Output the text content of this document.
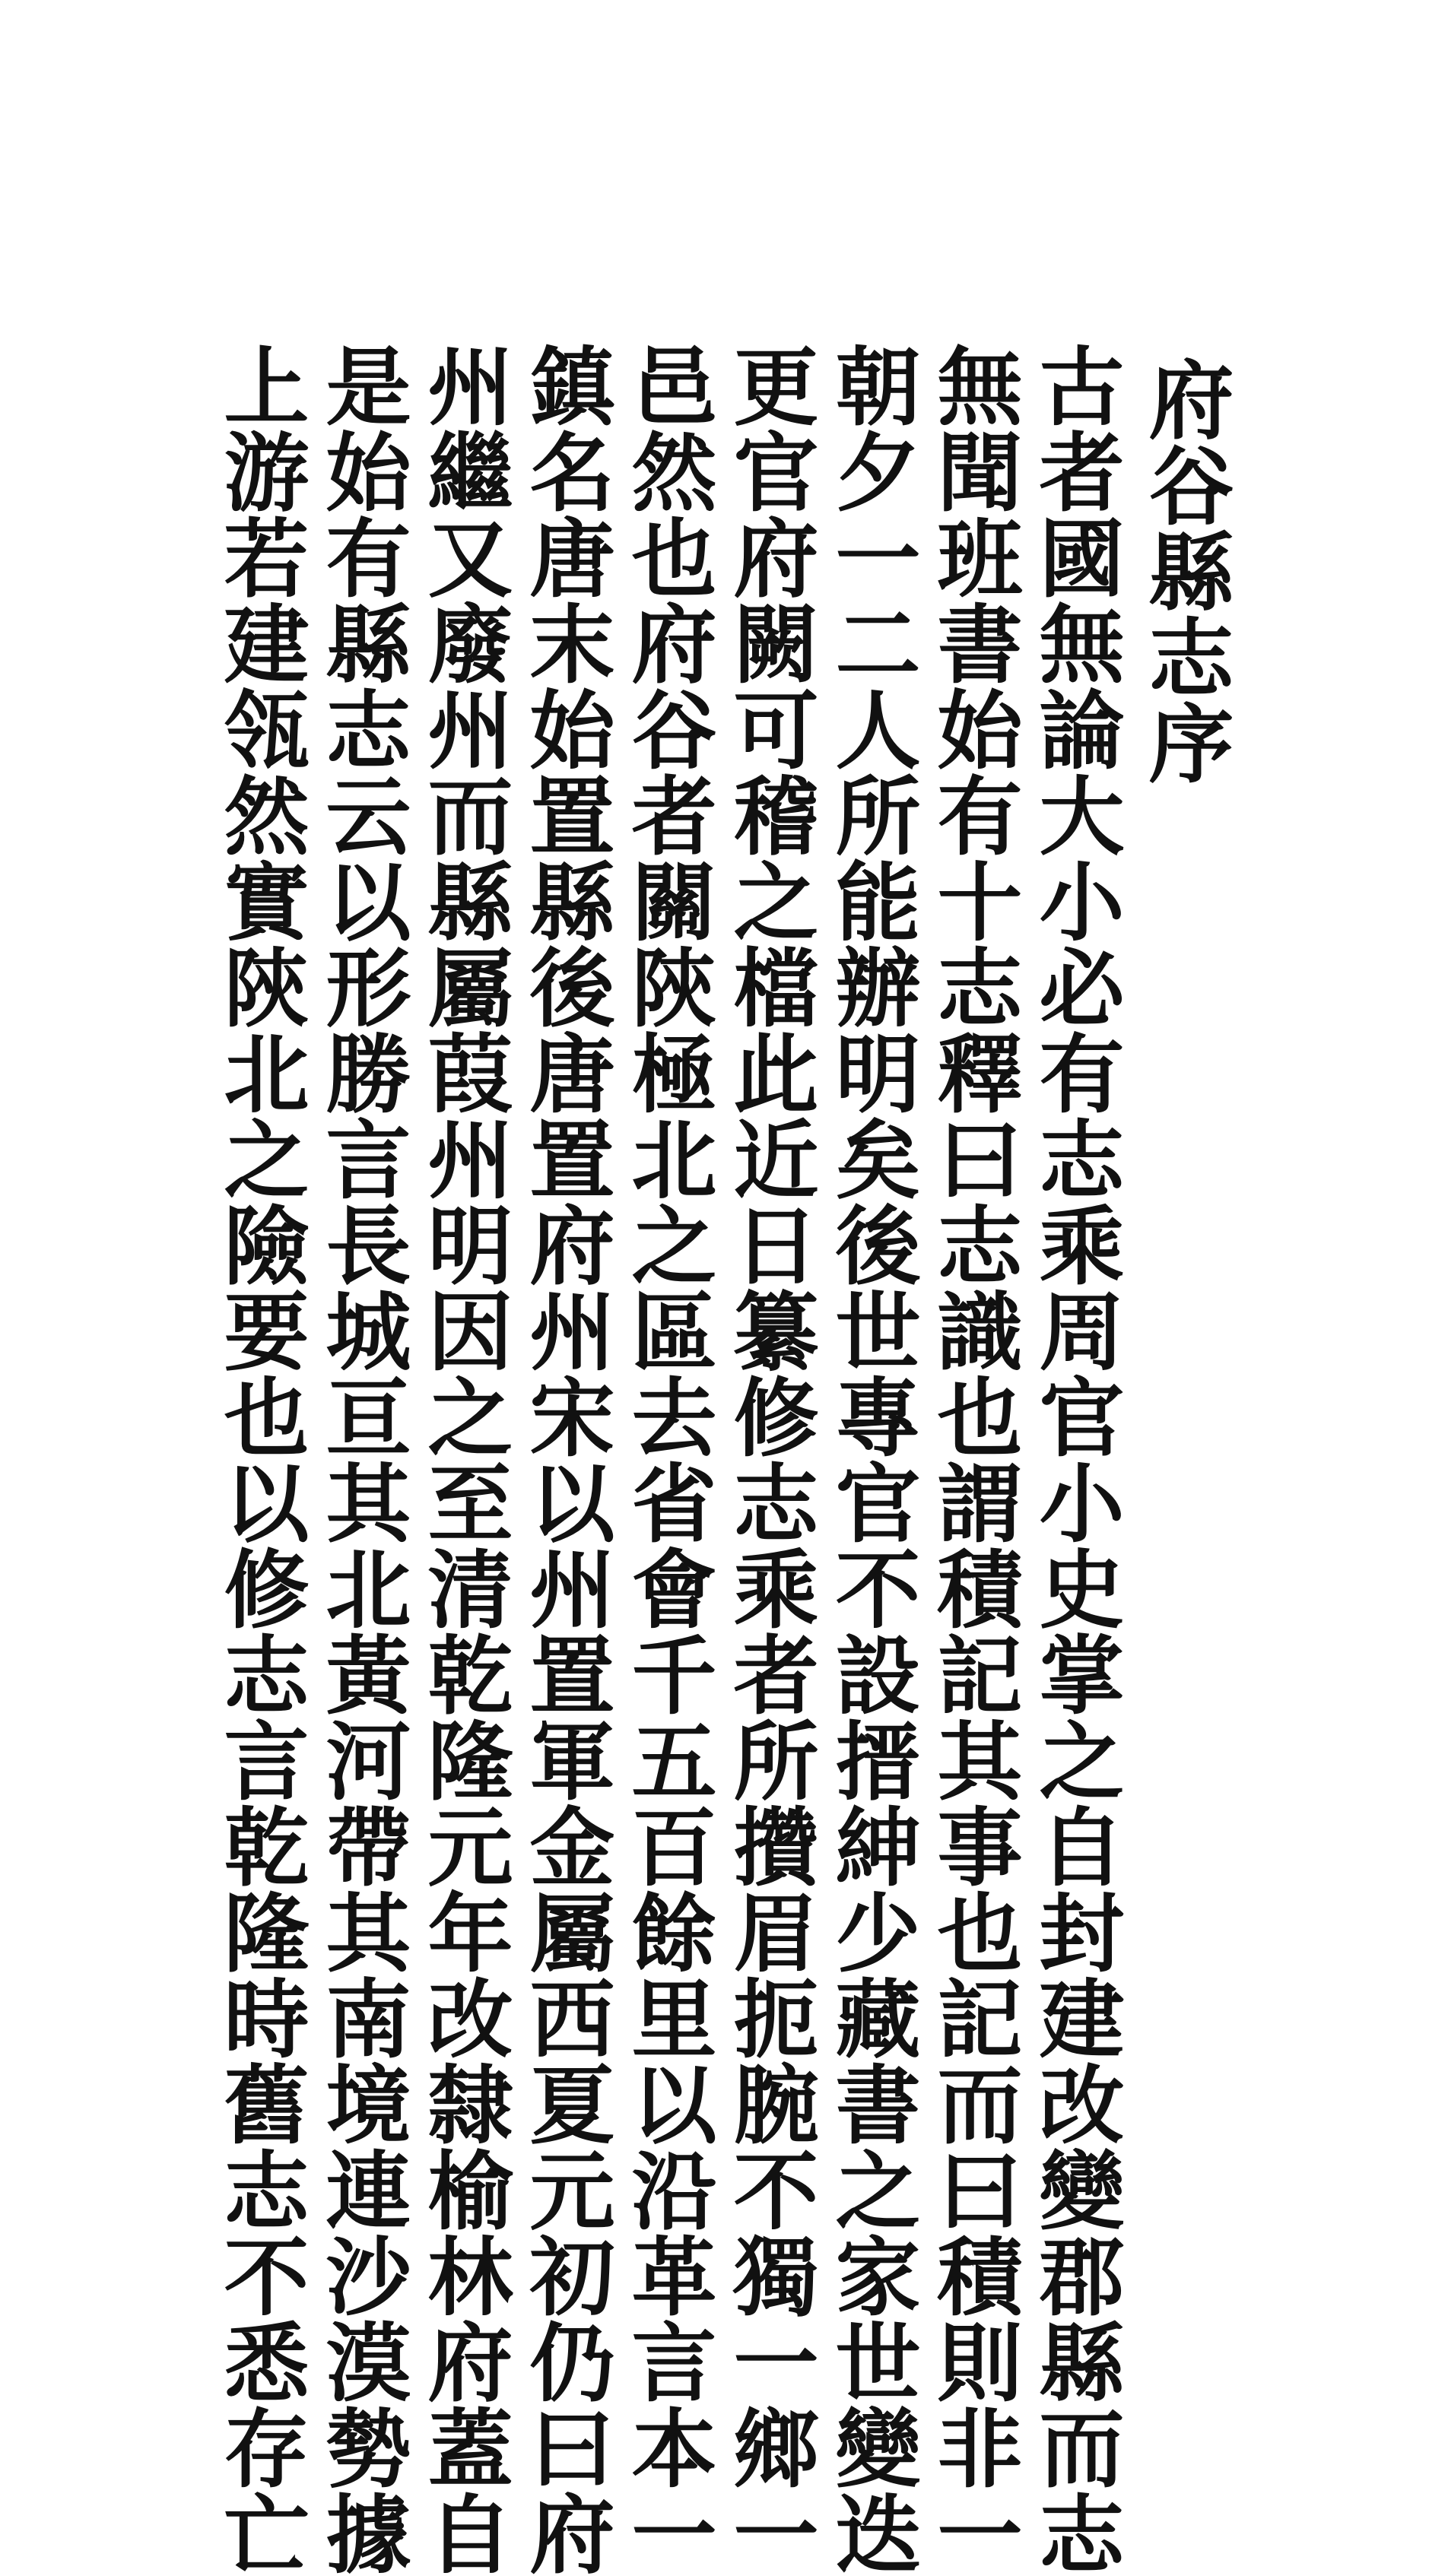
府谷縣志序
古者國無論大小必有志乘周官小史掌之自封建改變郡縣而志
無聞班書始有十志釋曰志識也謂積記其事也記而曰積則非一
朝夕一二人所能辦明矣後世專官不設搢紳少藏書之家世變迭
更官府闕可稽之檔此近日纂修志乘者所攢眉扼腕不獨一鄉一
邑然也府谷者關陝極北之區去省會千五百餘里以沿革言本一
鎮名唐末始置縣後唐置府州宋以州置軍金屬西夏元初仍曰府
州繼又廢州而縣屬葭州明因之至清乾隆元年改隸榆林府蓋自
是始有縣志云以形勝言長城亘其北黃河帶其南境連沙漠勢據
上游若建瓴然實陝北之險要也以修志言乾隆時舊志不悉存亡
